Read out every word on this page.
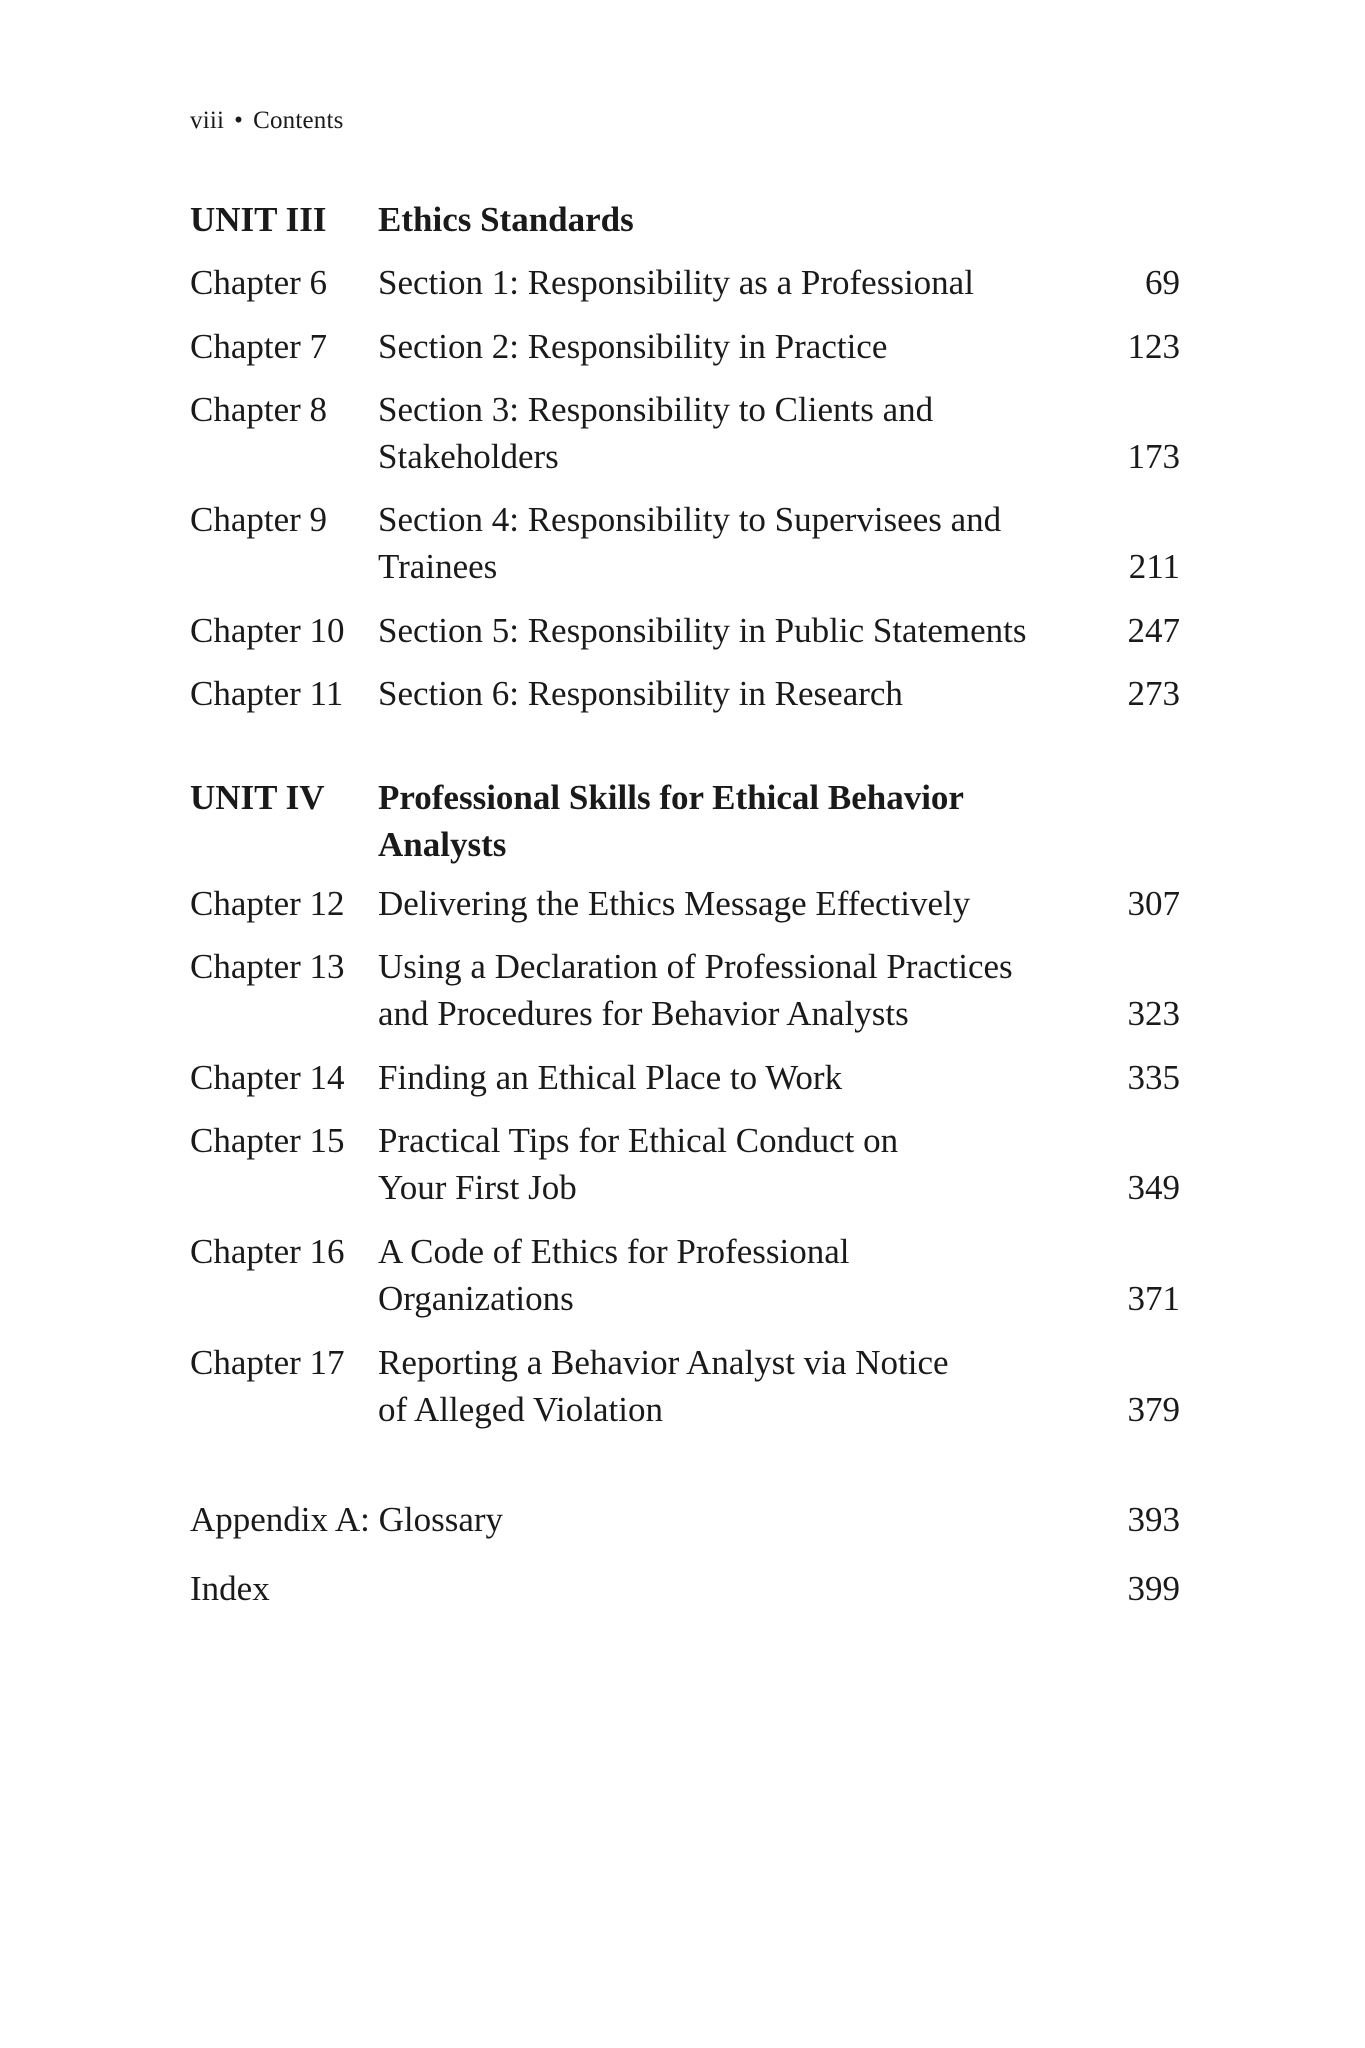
viii • Contents
UNIT III Ethics Standards
Chapter 6 Section 1: Responsibility as a Professional	69
Chapter 7 Section 2: Responsibility in Practice	123
Chapter 8 Section 3: Responsibility to Clients and
Stakeholders	173
Chapter 9 Section 4: Responsibility to Supervisees and
Trainees	211
Chapter 10 Section 5: Responsibility in Public Statements	247
Chapter 11 Section 6: Responsibility in Research	273
UNIT IV Professional Skills for Ethical Behavior
Analysts
Chapter 12 Delivering the Ethics Message Effectively	307
Chapter 13 Using a Declaration of Professional Practices
and Procedures for Behavior Analysts	323
Chapter 14 Finding an Ethical Place to Work	335
Chapter 15 Practical Tips for Ethical Conduct on
Your First Job	349
Chapter 16 A Code of Ethics for Professional
Organizations	371
Chapter 17 Reporting a Behavior Analyst via Notice
of Alleged Violation	379
Appendix A: Glossary	393
Index	399
